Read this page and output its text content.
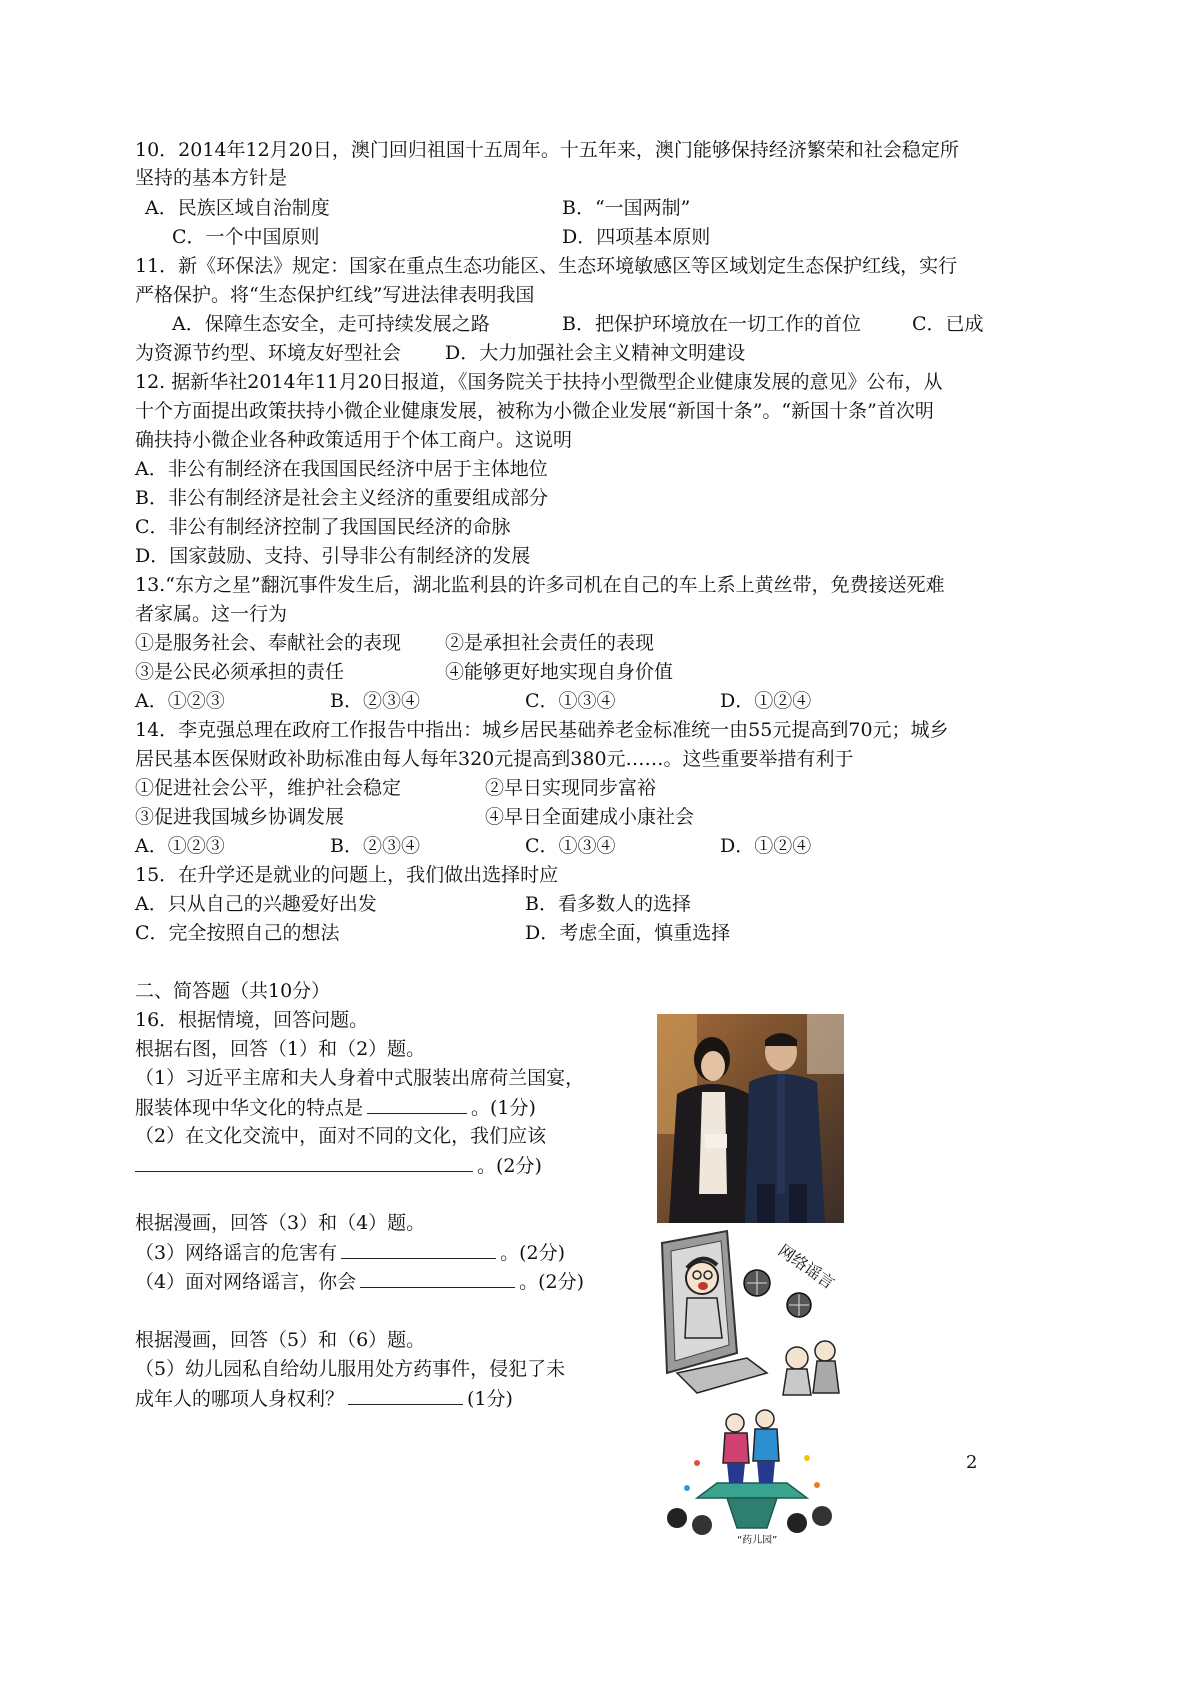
10．2014年12月20日，澳门回归祖国十五周年。十五年来，澳门能够保持经济繁荣和社会稳定所
坚持的基本方针是
A．民族区域自治制度	B．“一国两制”
C．一个中国原则	D．四项基本原则
11．新《环保法》规定：国家在重点生态功能区、生态环境敏感区等区域划定生态保护红线，实行
严格保护。将“生态保护红线”写进法律表明我国
A．保障生态安全，走可持续发展之路	B．把保护环境放在一切工作的首位	C．已成
为资源节约型、环境友好型社会 D．大力加强社会主义精神文明建设
12. 据新华社2014年11月20日报道，《国务院关于扶持小型微型企业健康发展的意见》公布，从
十个方面提出政策扶持小微企业健康发展，被称为小微企业发展“新国十条”。“新国十条”首次明
确扶持小微企业各种政策适用于个体工商户。这说明
A．非公有制经济在我国国民经济中居于主体地位
B．非公有制经济是社会主义经济的重要组成部分
C．非公有制经济控制了我国国民经济的命脉
D．国家鼓励、支持、引导非公有制经济的发展
13.“东方之星”翻沉事件发生后，湖北监利县的许多司机在自己的车上系上黄丝带，免费接送死难
者家属。这一行为
①是服务社会、奉献社会的表现 ②是承担社会责任的表现
③是公民必须承担的责任	④能够更好地实现自身价值
A．①②③	B．②③④	C．①③④	D．①②④
14．李克强总理在政府工作报告中指出：城乡居民基础养老金标准统一由55元提高到70元；城乡
居民基本医保财政补助标准由每人每年320元提高到380元……。这些重要举措有利于
①促进社会公平，维护社会稳定	②早日实现同步富裕
③促进我国城乡协调发展	④早日全面建成小康社会
A．①②③	B．②③④	C．①③④	D．①②④
15．在升学还是就业的问题上，我们做出选择时应
A．只从自己的兴趣爱好出发	B．看多数人的选择
C．完全按照自己的想法	D．考虑全面，慎重选择
二、简答题（共10分）
16．根据情境，回答问题。
根据右图，回答（1）和（2）题。
（1）习近平主席和夫人身着中式服装出席荷兰国宴，
服装体现中华文化的特点是	。(1分)
（2）在文化交流中，面对不同的文化，我们应该
。(2分)
根据漫画，回答（3）和（4）题。
（3）网络谣言的危害有	。(2分)
（4）面对网络谣言，你会	。(2分)
根据漫画，回答（5）和（6）题。
（5）幼儿园私自给幼儿服用处方药事件，侵犯了未
成年人的哪项人身权利？	(1分)
网络谣言
“药儿园”
2
